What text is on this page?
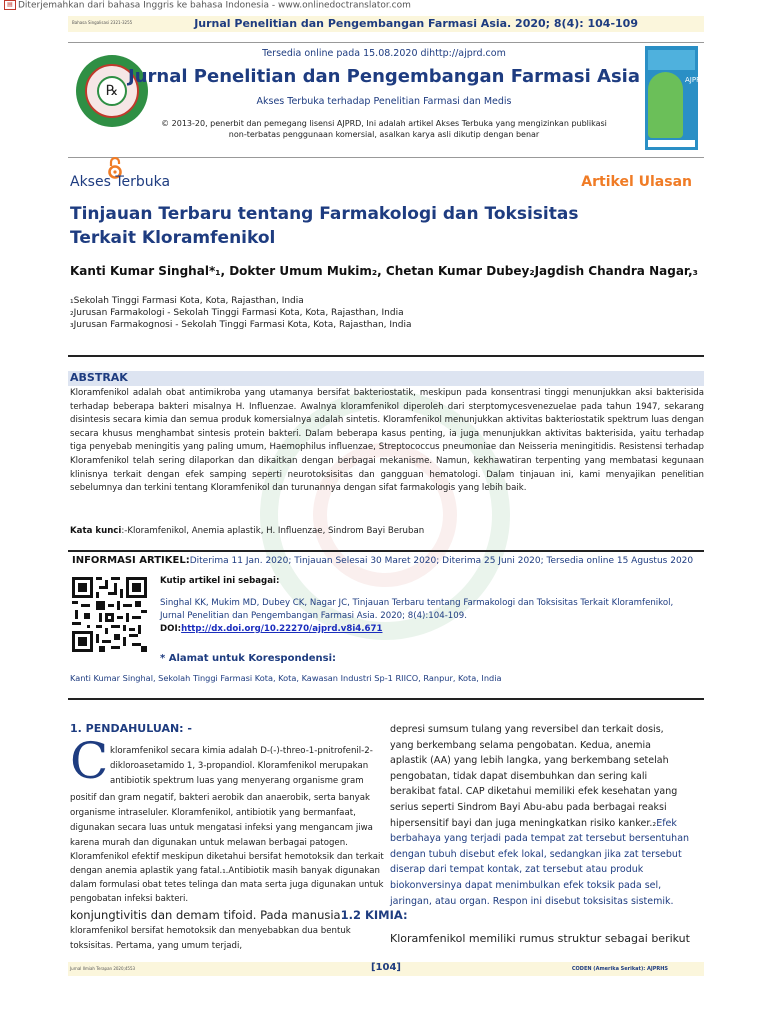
▤ Diterjemahkan dari bahasa Inggris ke bahasa Indonesia - www.onlinedoctranslator.com
Bahasa Singalisasi 2321-3255	Jurnal Penelitian dan Pengembangan Farmasi Asia. 2020; 8(4): 104-109
Tersedia online pada 15.08.2020 dihttp://ajprd.com
℞
Jurnal Penelitian dan Pengembangan Farmasi Asia
Akses Terbuka terhadap Penelitian Farmasi dan Medis
© 2013-20, penerbit dan pemegang lisensi AJPRD, Ini adalah artikel Akses Terbuka yang mengizinkan publikasi non-terbatas penggunaan komersial, asalkan karya asli dikutip dengan benar
AJPRD
Akses Terbuka	Artikel Ulasan
Tinjauan Terbaru tentang Farmakologi dan Toksisitas Terkait Kloramfenikol
Kanti Kumar Singhal*₁, Dokter Umum Mukim₂, Chetan Kumar Dubey₂Jagdish Chandra Nagar,₃
₁Sekolah Tinggi Farmasi Kota, Kota, Rajasthan, India
₂Jurusan Farmakologi - Sekolah Tinggi Farmasi Kota, Kota, Rajasthan, India
₃Jurusan Farmakognosi - Sekolah Tinggi Farmasi Kota, Kota, Rajasthan, India
ABSTRAK
Kloramfenikol adalah obat antimikroba yang utamanya bersifat bakteriostatik, meskipun pada konsentrasi tinggi menunjukkan aksi bakterisida terhadap beberapa bakteri misalnya H. Influenzae. Awalnya kloramfenikol diperoleh dari sterptomycesvenezuelae pada tahun 1947, sekarang disintesis secara kimia dan semua produk komersialnya adalah sintetis. Kloramfenikol menunjukkan aktivitas bakteriostatik spektrum luas dengan secara khusus menghambat sintesis protein bakteri. Dalam beberapa kasus penting, ia juga menunjukkan aktivitas bakterisida, yaitu terhadap tiga penyebab meningitis yang paling umum, Haemophilus influenzae, Streptococcus pneumoniae dan Neisseria meningitidis. Resistensi terhadap Kloramfenikol telah sering dilaporkan dan dikaitkan dengan berbagai mekanisme. Namun, kekhawatiran terpenting yang membatasi kegunaan klinisnya terkait dengan efek samping seperti neurotoksisitas dan gangguan hematologi. Dalam tinjauan ini, kami menyajikan penelitian sebelumnya dan terkini tentang Kloramfenikol dan turunannya dengan sifat farmakologis yang lebih baik.
Kata kunci:-Kloramfenikol, Anemia aplastik, H. Influenzae, Sindrom Bayi Beruban
INFORMASI ARTIKEL:Diterima 11 Jan. 2020; Tinjauan Selesai 30 Maret 2020; Diterima 25 Juni 2020; Tersedia online 15 Agustus 2020
Kutip artikel ini sebagai:
Singhal KK, Mukim MD, Dubey CK, Nagar JC, Tinjauan Terbaru tentang Farmakologi dan Toksisitas Terkait Kloramfenikol, Jurnal Penelitian dan Pengembangan Farmasi Asia. 2020; 8(4):104-109.
DOI:http://dx.doi.org/10.22270/ajprd.v8i4.671
* Alamat untuk Korespondensi:
Kanti Kumar Singhal, Sekolah Tinggi Farmasi Kota, Kota, Kawasan Industri Sp-1 RIICO, Ranpur, Kota, India
1. PENDAHULUAN: -
C kloramfenikol secara kimia adalah D-(-)-threo-1-pnitrofenil-2-
dikloroasetamido 1, 3-propandiol. Kloramfenikol merupakan
antibiotik spektrum luas yang menyerang organisme gram
positif dan gram negatif, bakteri aerobik dan anaerobik, serta banyak
organisme intraseluler. Kloramfenikol, antibiotik yang bermanfaat,
digunakan secara luas untuk mengatasi infeksi yang mengancam jiwa
karena murah dan digunakan untuk melawan berbagai patogen.
Kloramfenikol efektif meskipun diketahui bersifat hemotoksik dan terkait
dengan anemia aplastik yang fatal.₁.Antibiotik masih banyak digunakan
dalam formulasi obat tetes telinga dan mata serta juga digunakan untuk
pengobatan infeksi bakteri.
konjungtivitis dan demam tifoid. Pada manusia1.2 KIMIA:
kloramfenikol bersifat hemotoksik dan menyebabkan dua bentuk
toksisitas. Pertama, yang umum terjadi,
depresi sumsum tulang yang reversibel dan terkait dosis, yang berkembang selama pengobatan. Kedua, anemia aplastik (AA) yang lebih langka, yang berkembang setelah pengobatan, tidak dapat disembuhkan dan sering kali berakibat fatal. CAP diketahui memiliki efek kesehatan yang serius seperti Sindrom Bayi Abu-abu pada berbagai reaksi hipersensitif bayi dan juga meningkatkan risiko kanker.₂Efek berbahaya yang terjadi pada tempat zat tersebut bersentuhan dengan tubuh disebut efek lokal, sedangkan jika zat tersebut diserap dari tempat kontak, zat tersebut atau produk biokonversinya dapat menimbulkan efek toksik pada sel, jaringan, atau organ. Respon ini disebut toksisitas sistemik.
Kloramfenikol memiliki rumus struktur sebagai berikut
Jurnal Ilmiah Terapan 2020;4553	[104]	CODEN (Amerika Serikat): AJPRHS
